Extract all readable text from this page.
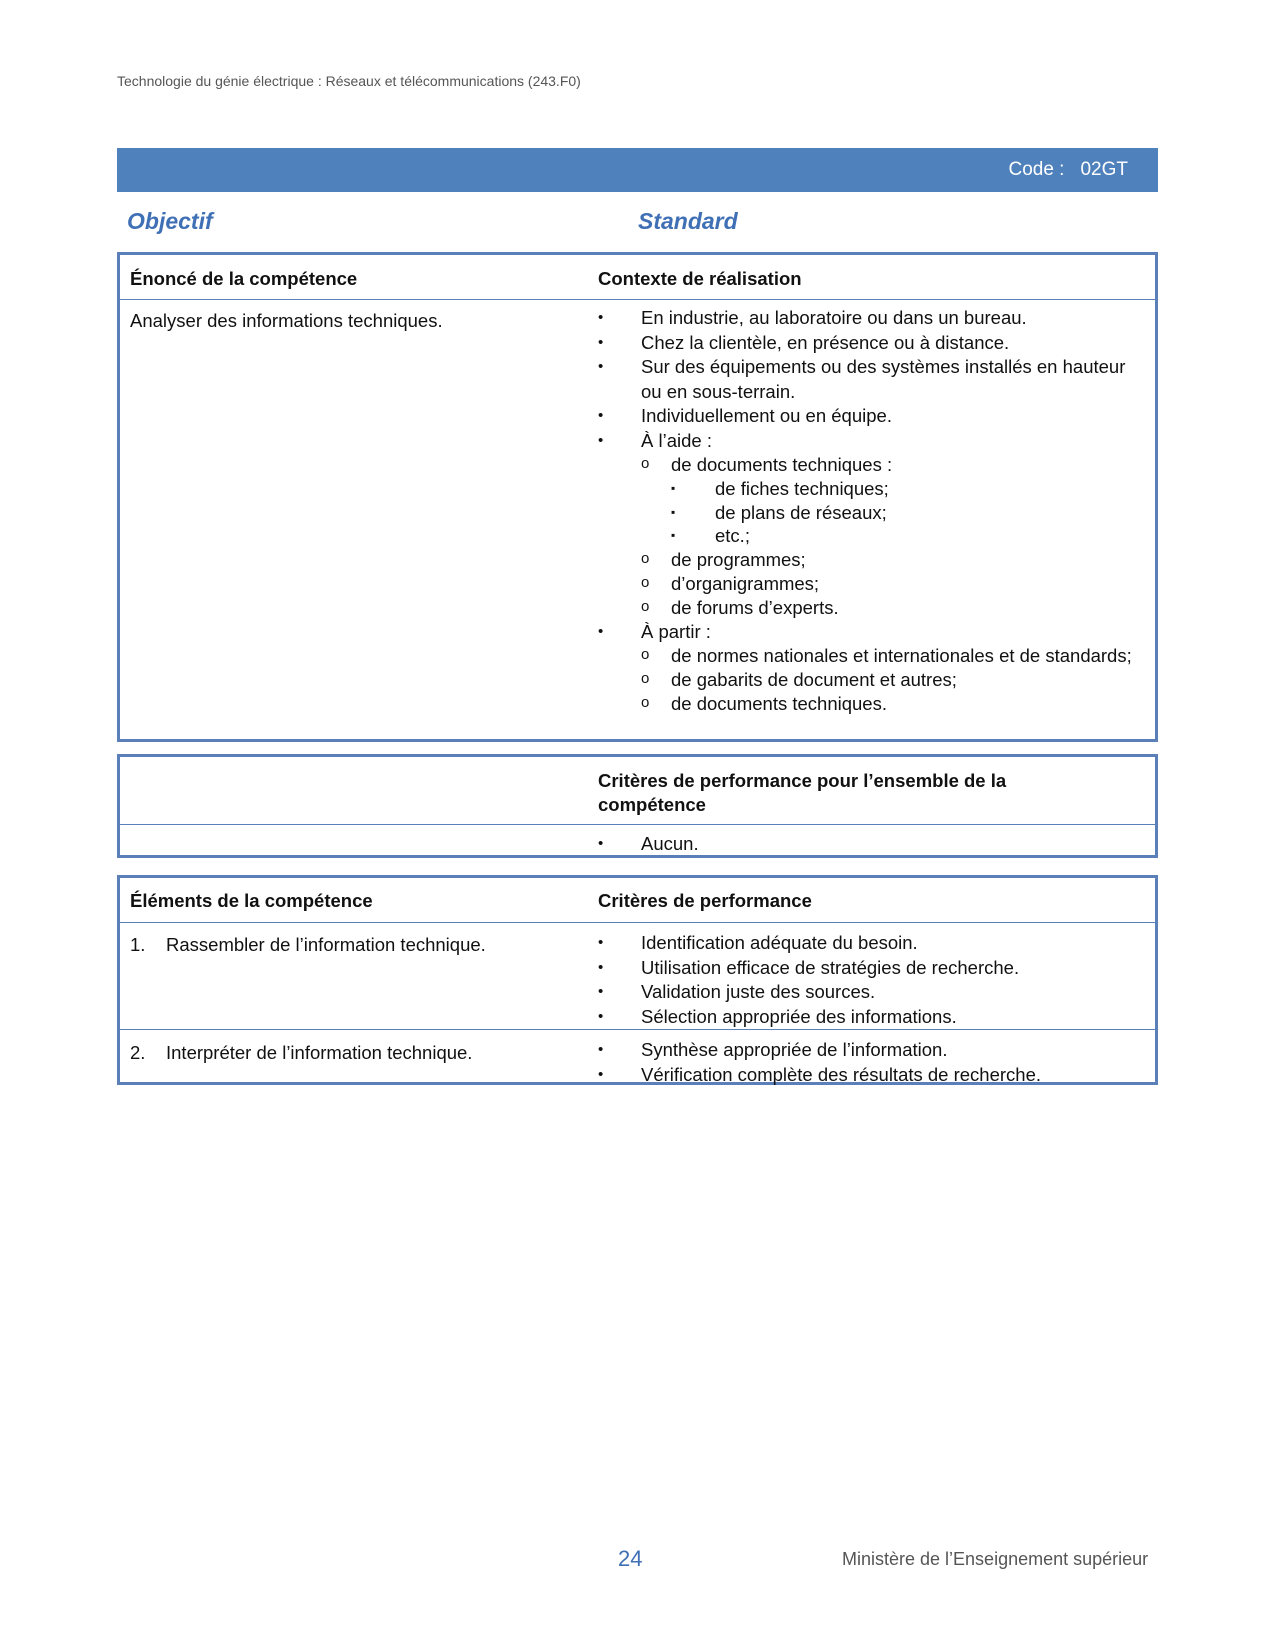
Technologie du génie électrique : Réseaux et télécommunications (243.F0)
Code : 02GT
Objectif	Standard
Énoncé de la compétence	Contexte de réalisation
Analyser des informations techniques.	• En industrie, au laboratoire ou dans un bureau.
• Chez la clientèle, en présence ou à distance.
• Sur des équipements ou des systèmes installés en hauteur ou en sous-terrain.
• Individuellement ou en équipe.
• À l’aide :
o de documents techniques :
▪ de fiches techniques;
▪ de plans de réseaux;
▪ etc.;
o de programmes;
o d’organigrammes;
o de forums d’experts.
• À partir :
o de normes nationales et internationales et de standards;
o de gabarits de document et autres;
o de documents techniques.
Critères de performance pour l’ensemble de la compétence
• Aucun.
Éléments de la compétence	Critères de performance
1. Rassembler de l’information technique.	• Identification adéquate du besoin.
• Utilisation efficace de stratégies de recherche.
• Validation juste des sources.
• Sélection appropriée des informations.
2. Interpréter de l’information technique.	• Synthèse appropriée de l’information.
• Vérification complète des résultats de recherche.
24	Ministère de l’Enseignement supérieur
